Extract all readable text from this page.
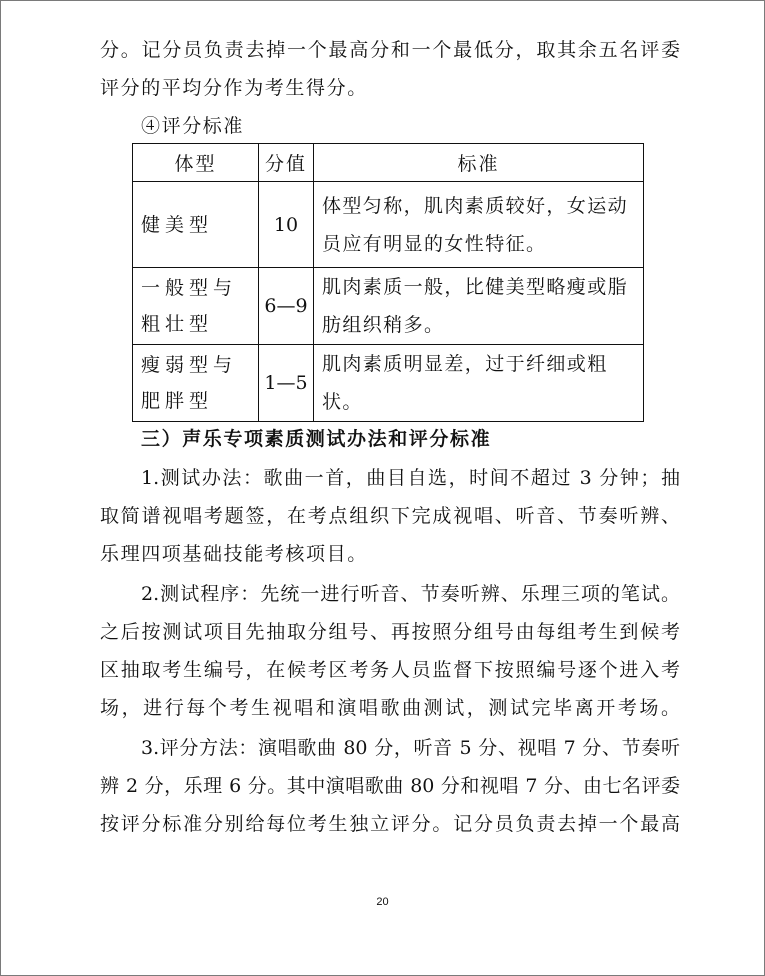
分。记分员负责去掉一个最高分和一个最低分，取其余五名评委
评分的平均分作为考生得分。
④评分标准
体型	分值	标准
健美型	10	体型匀称，肌肉素质较好，女运动员应有明显的女性特征。
一般型与粗壮型	6—9	肌肉素质一般，比健美型略瘦或脂肪组织稍多。
瘦弱型与肥胖型	1—5	肌肉素质明显差，过于纤细或粗状。
三）声乐专项素质测试办法和评分标准
1.测试办法：歌曲一首，曲目自选，时间不超过 3 分钟；抽
取简谱视唱考题签，在考点组织下完成视唱、听音、节奏听辨、
乐理四项基础技能考核项目。
2.测试程序：先统一进行听音、节奏听辨、乐理三项的笔试。
之后按测试项目先抽取分组号、再按照分组号由每组考生到候考
区抽取考生编号，在候考区考务人员监督下按照编号逐个进入考
场，进行每个考生视唱和演唱歌曲测试，测试完毕离开考场。
3.评分方法：演唱歌曲 80 分，听音 5 分、视唱 7 分、节奏听
辨 2 分，乐理 6 分。其中演唱歌曲 80 分和视唱 7 分、由七名评委
按评分标准分别给每位考生独立评分。记分员负责去掉一个最高
20
